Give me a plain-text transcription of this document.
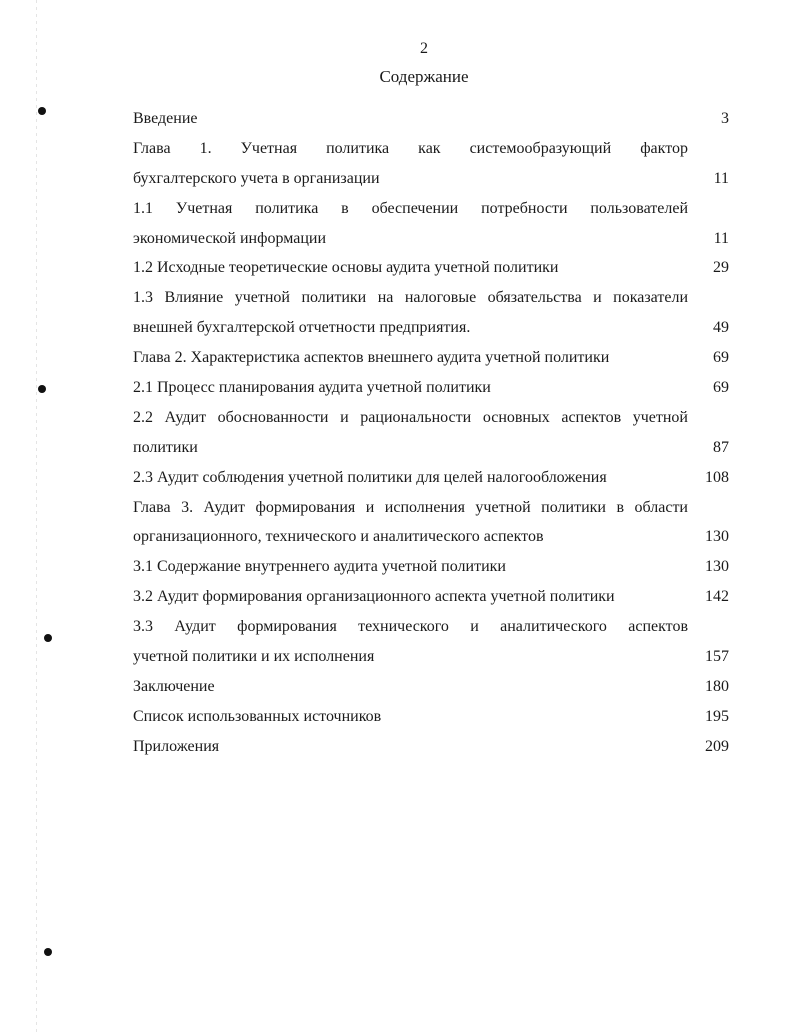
2
Содержание
Введение	3
Глава 1. Учетная политика как системообразующий фактор
бухгалтерского учета в организации	11
1.1 Учетная политика в обеспечении потребности пользователей
экономической информации	11
1.2 Исходные теоретические основы аудита учетной политики	29
1.3 Влияние учетной политики на налоговые обязательства и показатели
внешней бухгалтерской отчетности предприятия.	49
Глава 2. Характеристика аспектов внешнего аудита учетной политики	69
2.1 Процесс планирования аудита учетной политики	69
2.2 Аудит обоснованности и рациональности основных аспектов учетной
политики	87
2.3 Аудит соблюдения учетной политики для целей налогообложения	108
Глава 3. Аудит формирования и исполнения учетной политики в области
организационного, технического и аналитического аспектов	130
3.1 Содержание внутреннего аудита учетной политики	130
3.2 Аудит формирования организационного аспекта учетной политики	142
3.3 Аудит формирования технического и аналитического аспектов
учетной политики и их исполнения	157
Заключение	180
Список использованных источников	195
Приложения	209
